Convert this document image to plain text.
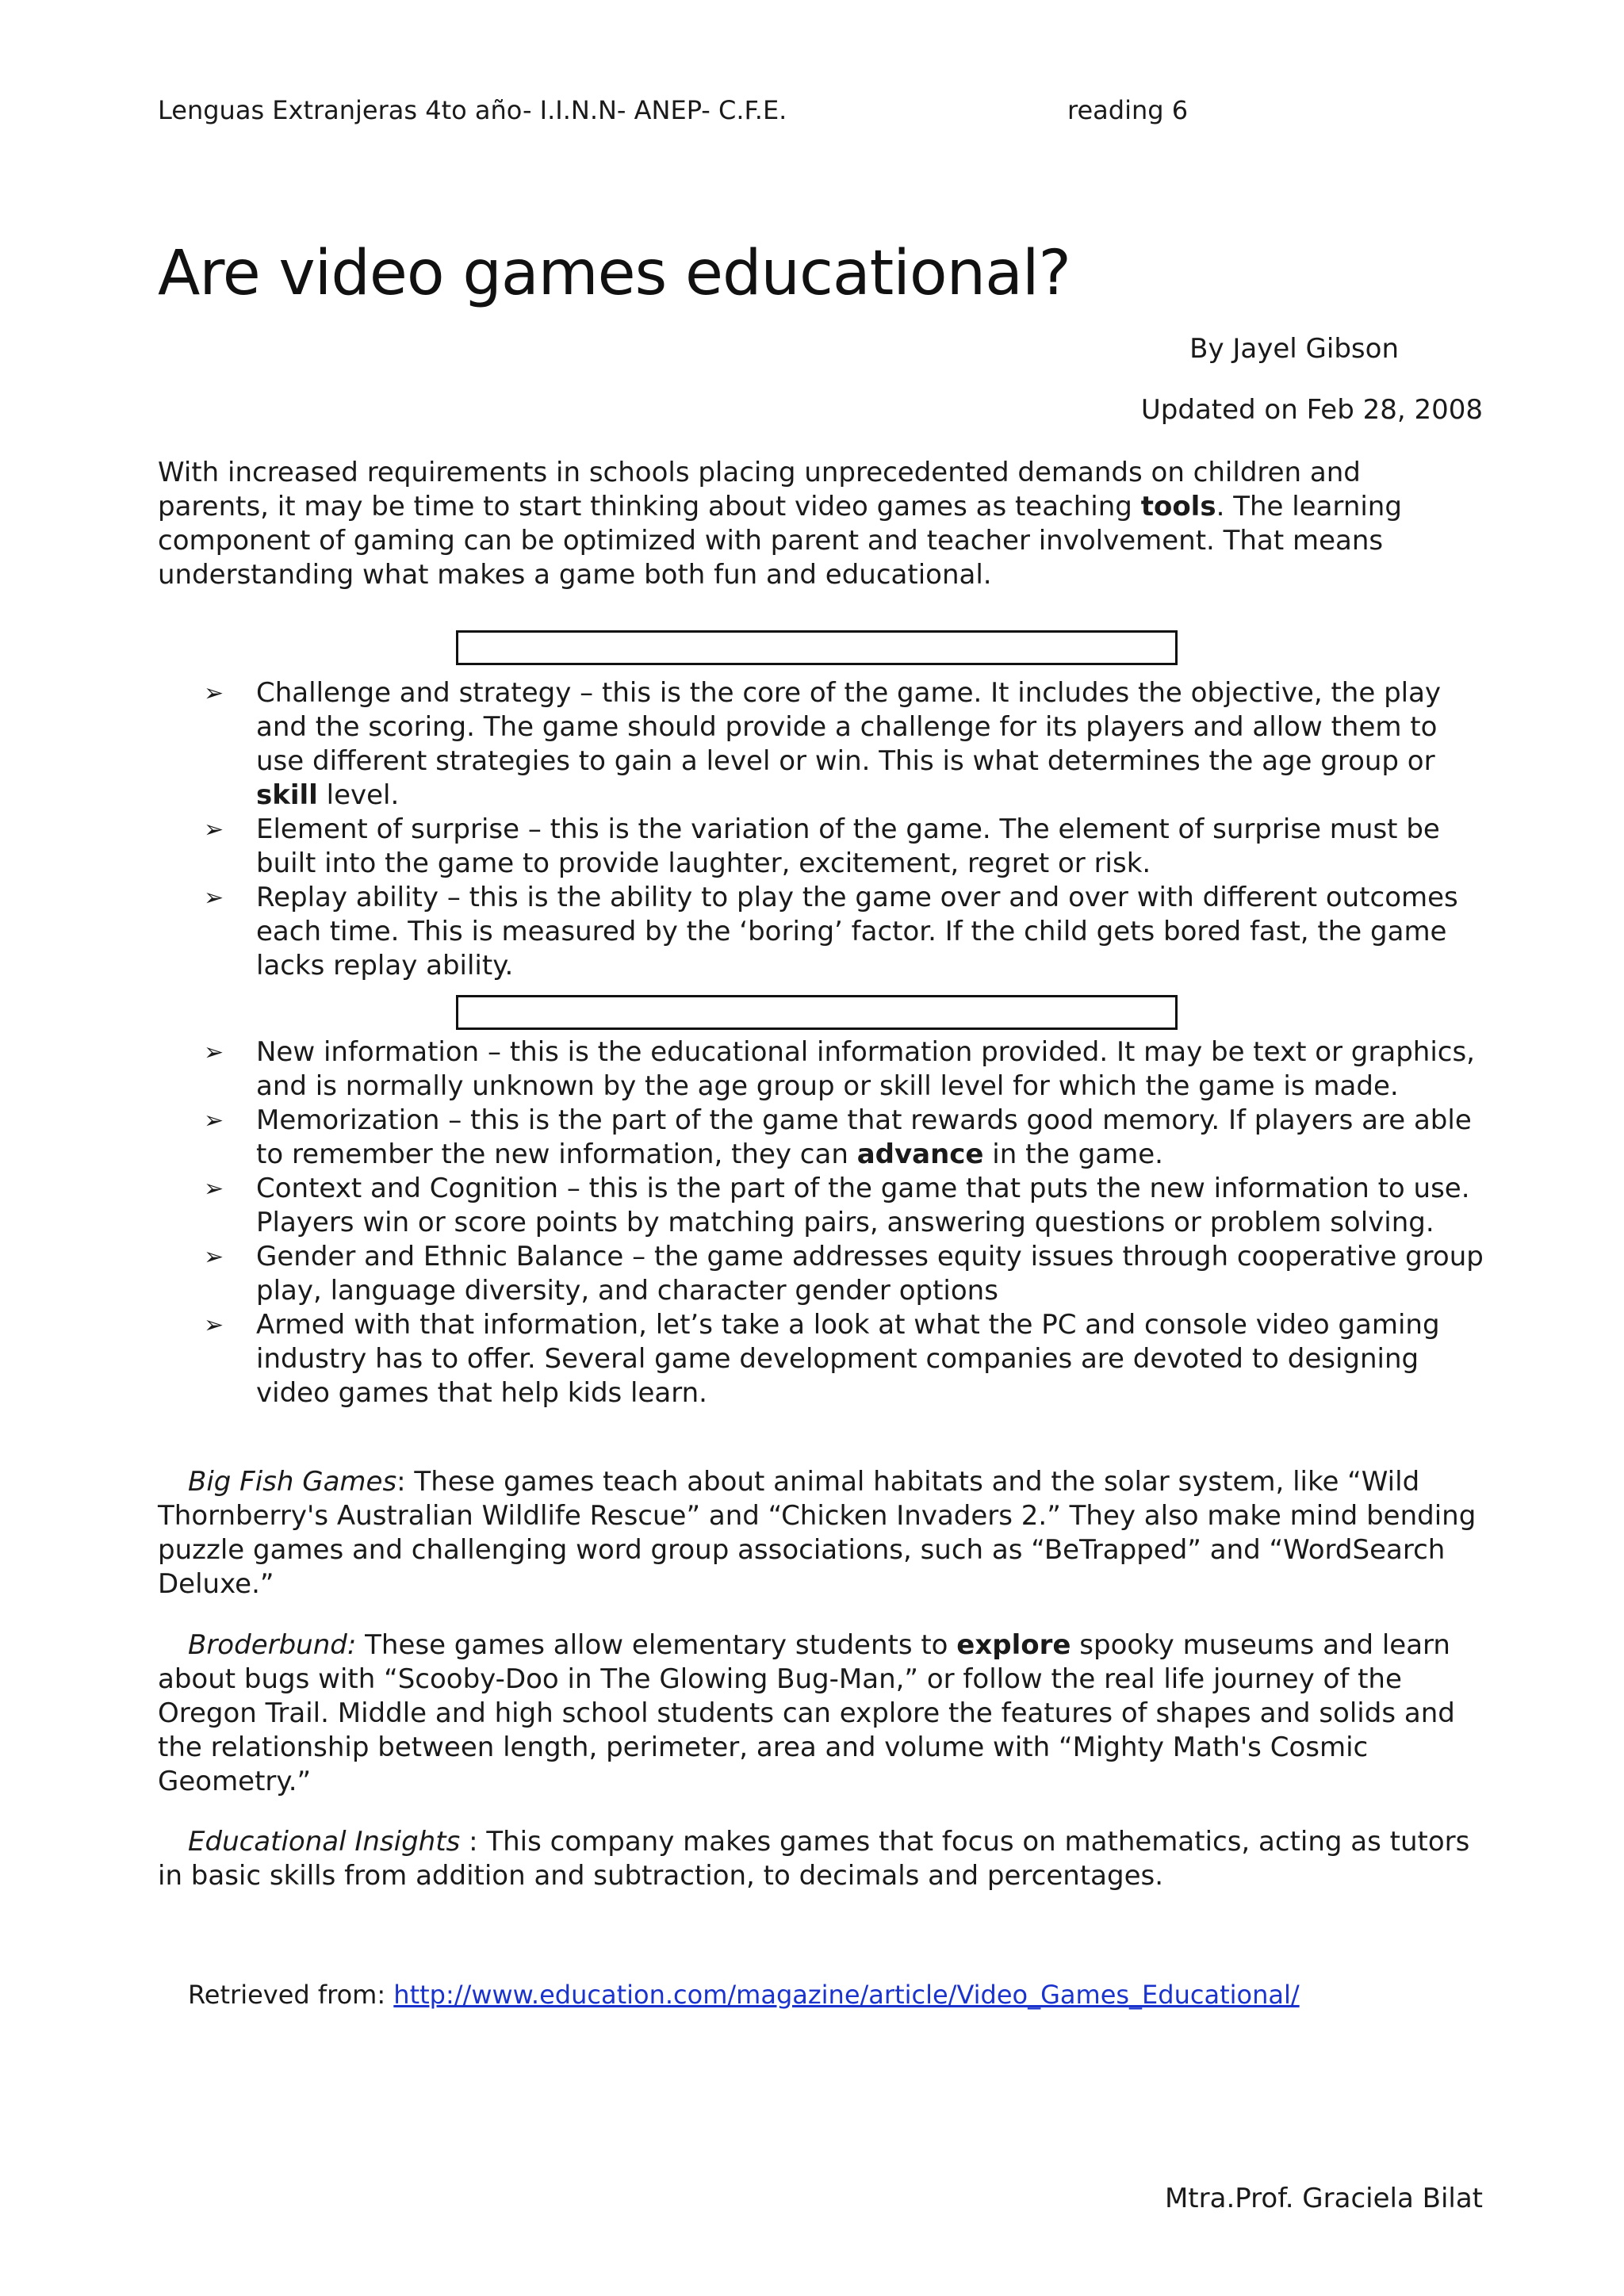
Lenguas Extranjeras 4to año- I.I.N.N- ANEP- C.F.E.	reading 6
Are video games educational?
By Jayel Gibson
Updated on Feb 28, 2008
With increased requirements in schools placing unprecedented demands on children and parents, it may be time to start thinking about video games as teaching tools. The learning component of gaming can be optimized with parent and teacher involvement. That means understanding what makes a game both fun and educational.
➢ Challenge and strategy – this is the core of the game. It includes the objective, the play and the scoring. The game should provide a challenge for its players and allow them to use different strategies to gain a level or win. This is what determines the age group or skill level.
➢ Element of surprise – this is the variation of the game. The element of surprise must be built into the game to provide laughter, excitement, regret or risk.
➢ Replay ability – this is the ability to play the game over and over with different outcomes each time. This is measured by the ‘boring’ factor. If the child gets bored fast, the game lacks replay ability.
➢ New information – this is the educational information provided. It may be text or graphics, and is normally unknown by the age group or skill level for which the game is made.
➢ Memorization – this is the part of the game that rewards good memory. If players are able to remember the new information, they can advance in the game.
➢ Context and Cognition – this is the part of the game that puts the new information to use. Players win or score points by matching pairs, answering questions or problem solving.
➢ Gender and Ethnic Balance – the game addresses equity issues through cooperative group play, language diversity, and character gender options
➢ Armed with that information, let’s take a look at what the PC and console video gaming industry has to offer. Several game development companies are devoted to designing video games that help kids learn.
Big Fish Games: These games teach about animal habitats and the solar system, like “Wild Thornberry's Australian Wildlife Rescue” and “Chicken Invaders 2.” They also make mind bending puzzle games and challenging word group associations, such as “BeTrapped” and “WordSearch Deluxe.”
Broderbund: These games allow elementary students to explore spooky museums and learn about bugs with “Scooby-Doo in The Glowing Bug-Man,” or follow the real life journey of the Oregon Trail. Middle and high school students can explore the features of shapes and solids and the relationship between length, perimeter, area and volume with “Mighty Math's Cosmic Geometry.”
Educational Insights : This company makes games that focus on mathematics, acting as tutors in basic skills from addition and subtraction, to decimals and percentages.
Retrieved from: http://www.education.com/magazine/article/Video_Games_Educational/
Mtra.Prof. Graciela Bilat
